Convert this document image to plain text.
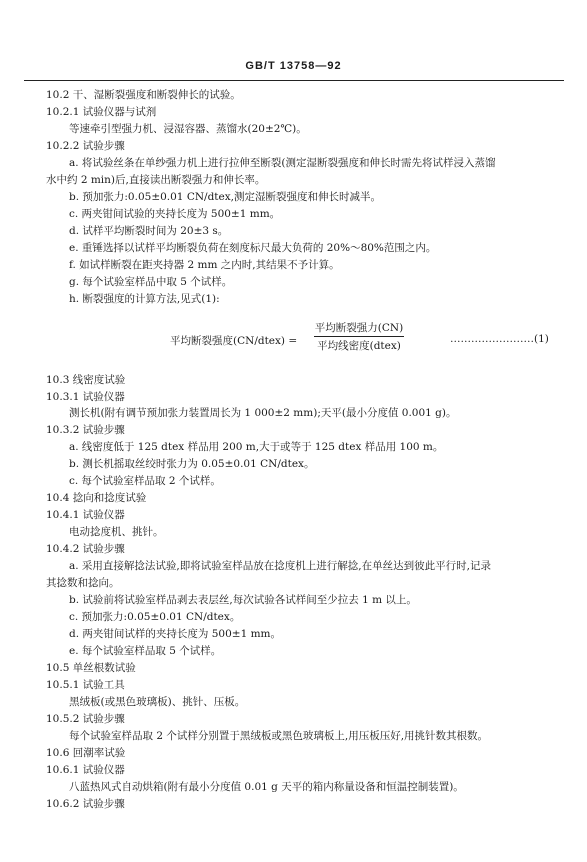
GB/T 13758—92
10.2 干、湿断裂强度和断裂伸长的试验。
10.2.1 试验仪器与试剂
等速牵引型强力机、浸湿容器、蒸馏水(20±2℃)。
10.2.2 试验步骤
a. 将试验丝条在单纱强力机上进行拉伸至断裂(测定湿断裂强度和伸长时需先将试样浸入蒸馏
水中约 2 min)后,直接读出断裂强力和伸长率。
b. 预加张力:0.05±0.01 CN/dtex,测定湿断裂强度和伸长时减半。
c. 两夹钳间试验的夹持长度为 500±1 mm。
d. 试样平均断裂时间为 20±3 s。
e. 重锤选择以试样平均断裂负荷在刻度标尺最大负荷的 20%～80%范围之内。
f. 如试样断裂在距夹持器 2 mm 之内时,其结果不予计算。
g. 每个试验室样品中取 5 个试样。
h. 断裂强度的计算方法,见式(1):
平均断裂强度(CN/dtex) =
平均断裂强力(CN)
平均线密度(dtex)
……………………(1)
10.3 线密度试验
10.3.1 试验仪器
测长机(附有调节预加张力装置周长为 1 000±2 mm);天平(最小分度值 0.001 g)。
10.3.2 试验步骤
a. 线密度低于 125 dtex 样品用 200 m,大于或等于 125 dtex 样品用 100 m。
b. 测长机摇取丝绞时张力为 0.05±0.01 CN/dtex。
c. 每个试验室样品取 2 个试样。
10.4 捻向和捻度试验
10.4.1 试验仪器
电动捻度机、挑针。
10.4.2 试验步骤
a. 采用直接解捻法试验,即将试验室样品放在捻度机上进行解捻,在单丝达到彼此平行时,记录
其捻数和捻向。
b. 试验前将试验室样品剥去表层丝,每次试验各试样间至少拉去 1 m 以上。
c. 预加张力:0.05±0.01 CN/dtex。
d. 两夹钳间试样的夹持长度为 500±1 mm。
e. 每个试验室样品取 5 个试样。
10.5 单丝根数试验
10.5.1 试验工具
黑绒板(或黑色玻璃板)、挑针、压板。
10.5.2 试验步骤
每个试验室样品取 2 个试样分别置于黑绒板或黑色玻璃板上,用压板压好,用挑针数其根数。
10.6 回潮率试验
10.6.1 试验仪器
八蓝热风式自动烘箱(附有最小分度值 0.01 g 天平的箱内称量设备和恒温控制装置)。
10.6.2 试验步骤
